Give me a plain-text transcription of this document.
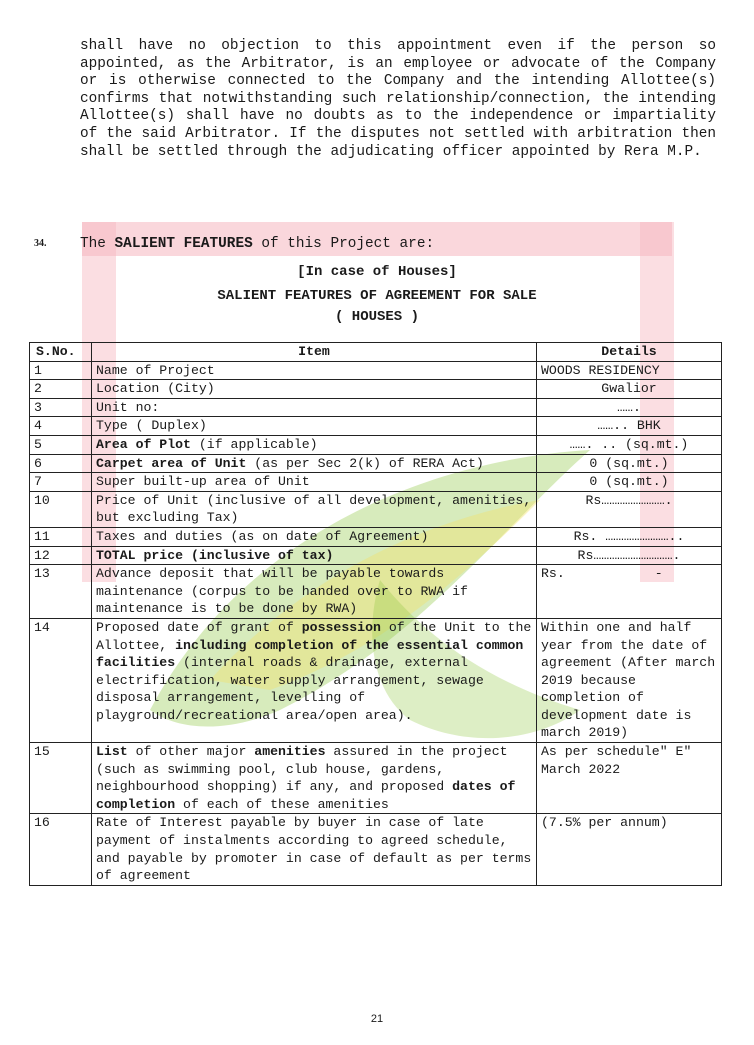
shall have no objection to this appointment even if the person so appointed, as the Arbitrator, is an employee or advocate of the Company or is otherwise connected to the Company and the intending Allottee(s) confirms that notwithstanding such relationship/connection, the intending Allottee(s) shall have no doubts as to the independence or impartiality of the said Arbitrator. If the disputes not settled with arbitration then shall be settled through the adjudicating officer appointed by Rera M.P.
34. The SALIENT FEATURES of this Project are:
[In case of Houses]
SALIENT FEATURES OF AGREEMENT FOR SALE
( HOUSES )
S.No.	Item	Details
1	Name of Project	WOODS RESIDENCY
2	Location (City)	Gwalior
3	Unit no:	…….
4	Type ( Duplex)	…….. BHK
5	Area of Plot (if applicable)	……. .. (sq.mt.)
6	Carpet area of Unit (as per Sec 2(k) of RERA Act)	0 (sq.mt.)
7	Super built-up area of Unit	0 (sq.mt.)
10	Price of Unit (inclusive of all development, amenities, but excluding Tax)	Rs…………………….
11	Taxes and duties (as on date of Agreement)	Rs. ……………………..
12	TOTAL price (inclusive of tax)	Rs………………………….
13	Advance deposit that will be payable towards maintenance (corpus to be handed over to RWA if maintenance is to be done by RWA)	Rs. -
14	Proposed date of grant of possession of the Unit to the Allottee, including completion of the essential common facilities (internal roads & drainage, external electrification, water supply arrangement, sewage disposal arrangement, levelling of playground/recreational area/open area).	Within one and half year from the date of agreement (After march 2019 because completion of development date is march 2019)
15	List of other major amenities assured in the project (such as swimming pool, club house, gardens, neighbourhood shopping) if any, and proposed dates of completion of each of these amenities	As per schedule" E"
March 2022

16	Rate of Interest payable by buyer in case of late payment of instalments according to agreed schedule, and payable by promoter in case of default as per terms of agreement	(7.5% per annum)
21
